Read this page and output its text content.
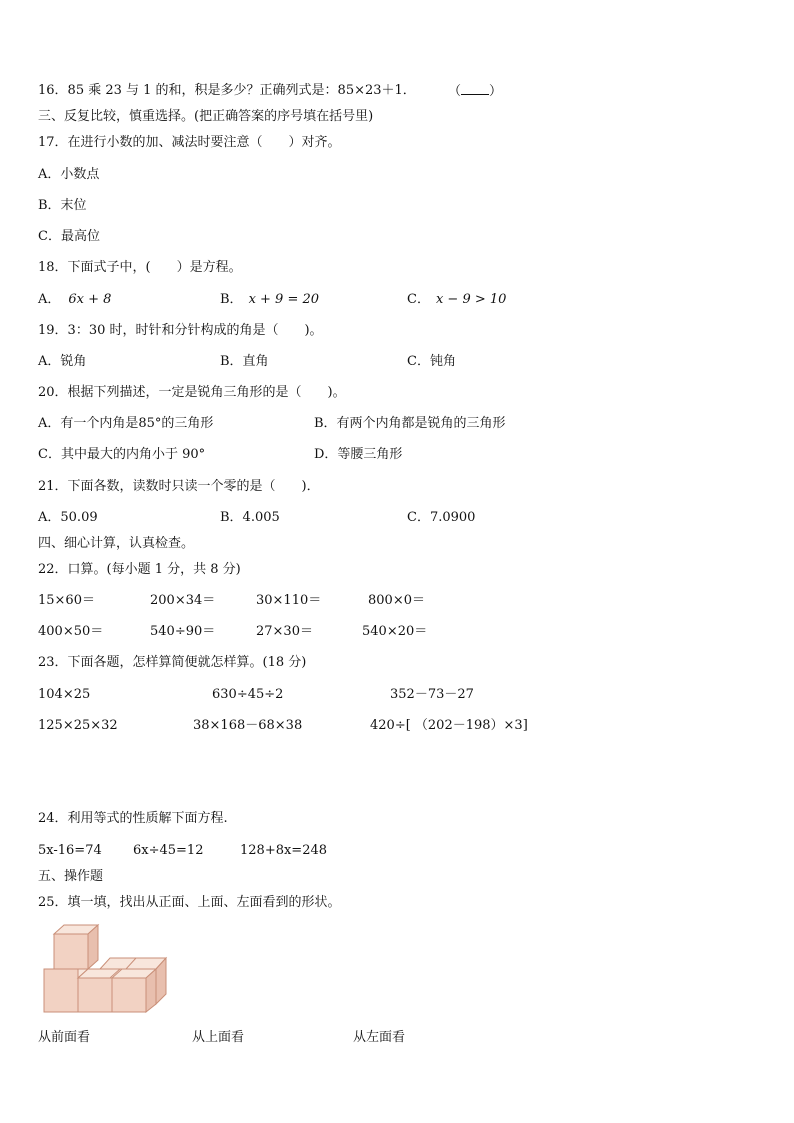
16．85 乘 23 与 1 的和，积是多少？正确列式是：85×23＋1． （ ）
三、反复比较，慎重选择。(把正确答案的序号填在括号里)
17．在进行小数的加、减法时要注意（　　）对齐。
A．小数点
B．末位
C．最高位
18．下面式子中，(　　）是方程。
A． 6x + 8	B． x + 9 = 20	C． x − 9 > 10
19．3：30 时，时针和分针构成的角是（　　)。
A．锐角	B．直角	C．钝角
20．根据下列描述，一定是锐角三角形的是（　　)。
A．有一个内角是85°的三角形	B．有两个内角都是锐角的三角形
C．其中最大的内角小于 90°	D．等腰三角形
21．下面各数，读数时只读一个零的是（　　)．
A．50.09	B．4.005	C．7.0900
四、细心计算，认真检查。
22．口算。(每小题 1 分，共 8 分)
15×60＝	200×34＝	30×110＝	800×0＝
400×50＝	540÷90＝	27×30＝	540×20＝
23．下面各题，怎样算简便就怎样算。(18 分)
104×25	630÷45÷2	352－73－27
125×25×32	38×168－68×38	420÷[ （202－198）×3]
24．利用等式的性质解下面方程.
5x-16=74 6x÷45=12	128+8x=248
五、操作题
25．填一填，找出从正面、上面、左面看到的形状。
从前面看	从上面看	从左面看
